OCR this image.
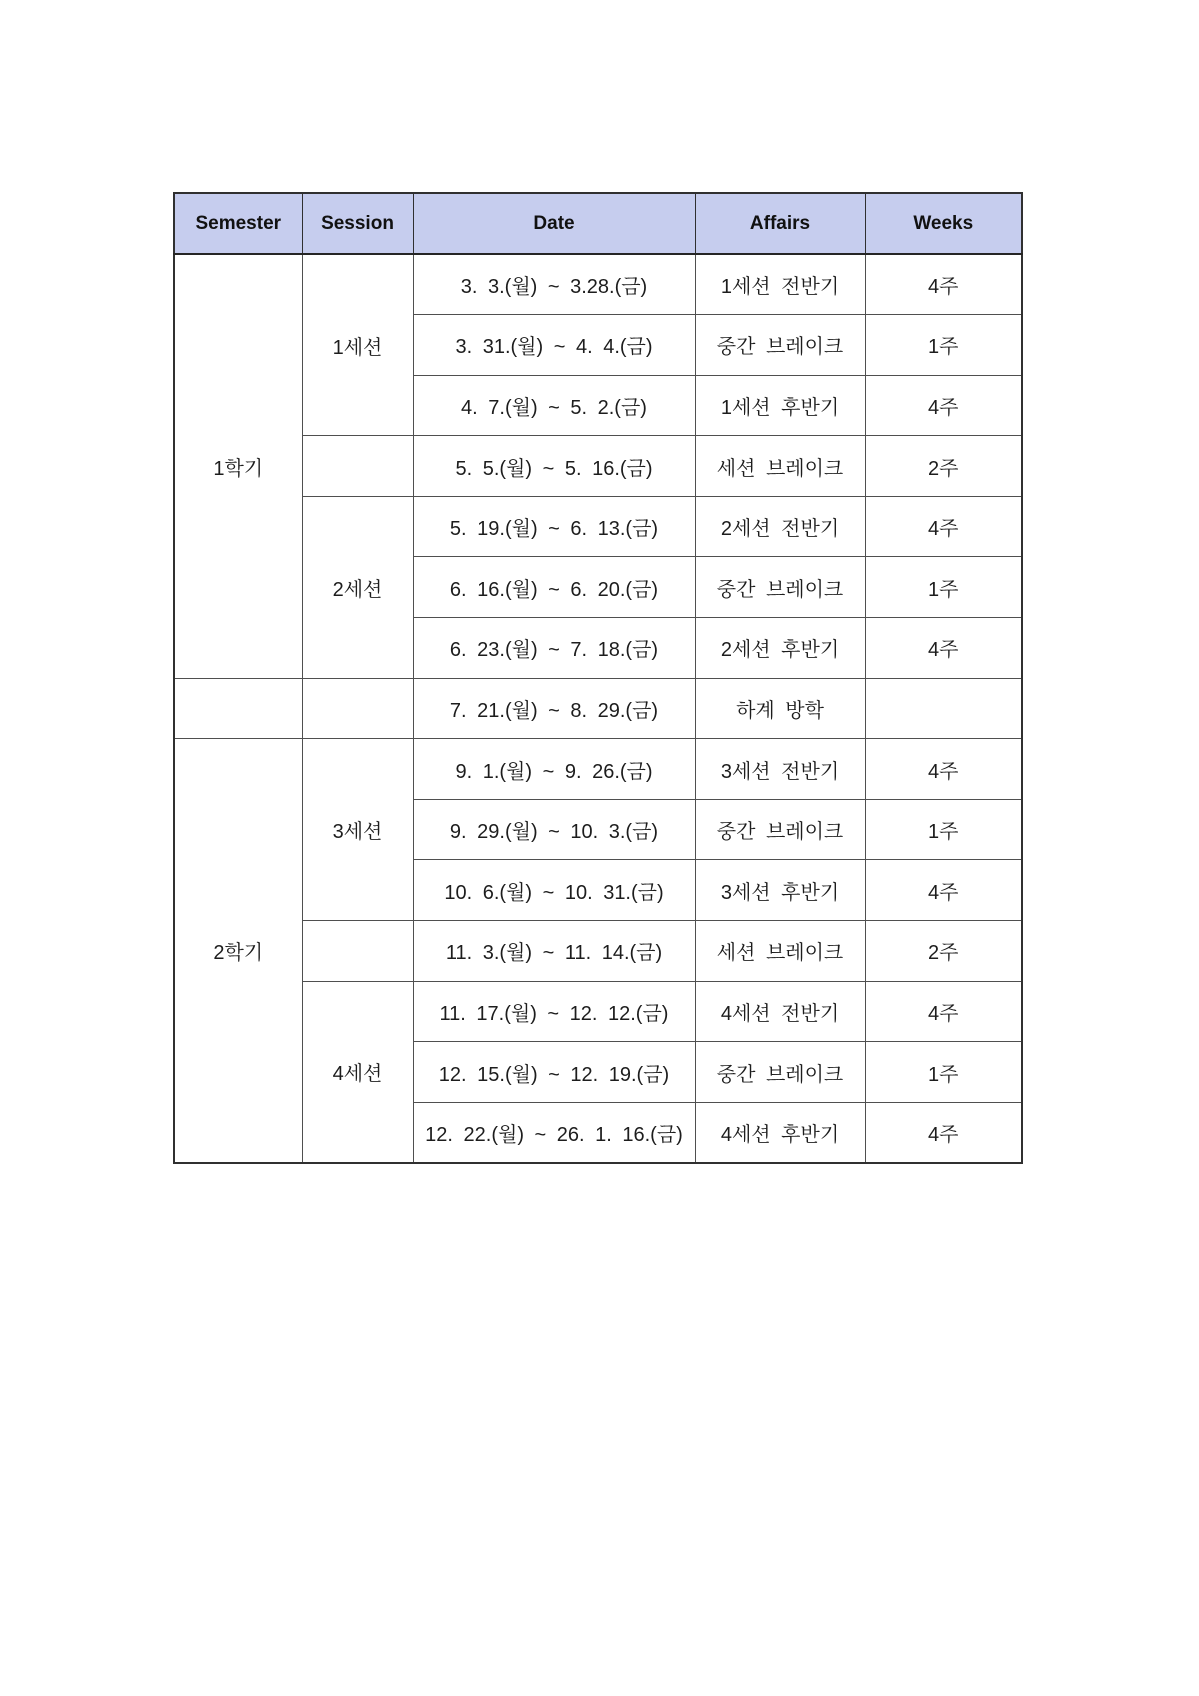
Semester	Session	Date	Affairs	Weeks
1학기	1세션	3. 3.(월) ~ 3.28.(금)	1세션 전반기	4주
		3. 31.(월) ~ 4. 4.(금)	중간 브레이크	1주
		4. 7.(월) ~ 5. 2.(금)	1세션 후반기	4주
		5. 5.(월) ~ 5. 16.(금)	세션 브레이크	2주
	2세션	5. 19.(월) ~ 6. 13.(금)	2세션 전반기	4주
		6. 16.(월) ~ 6. 20.(금)	중간 브레이크	1주
		6. 23.(월) ~ 7. 18.(금)	2세션 후반기	4주
		7. 21.(월) ~ 8. 29.(금)	하계 방학	
2학기	3세션	9. 1.(월) ~ 9. 26.(금)	3세션 전반기	4주
		9. 29.(월) ~ 10. 3.(금)	중간 브레이크	1주
		10. 6.(월) ~ 10. 31.(금)	3세션 후반기	4주
		11. 3.(월) ~ 11. 14.(금)	세션 브레이크	2주
	4세션	11. 17.(월) ~ 12. 12.(금)	4세션 전반기	4주
		12. 15.(월) ~ 12. 19.(금)	중간 브레이크	1주
		12. 22.(월) ~ 26. 1. 16.(금)	4세션 후반기	4주
